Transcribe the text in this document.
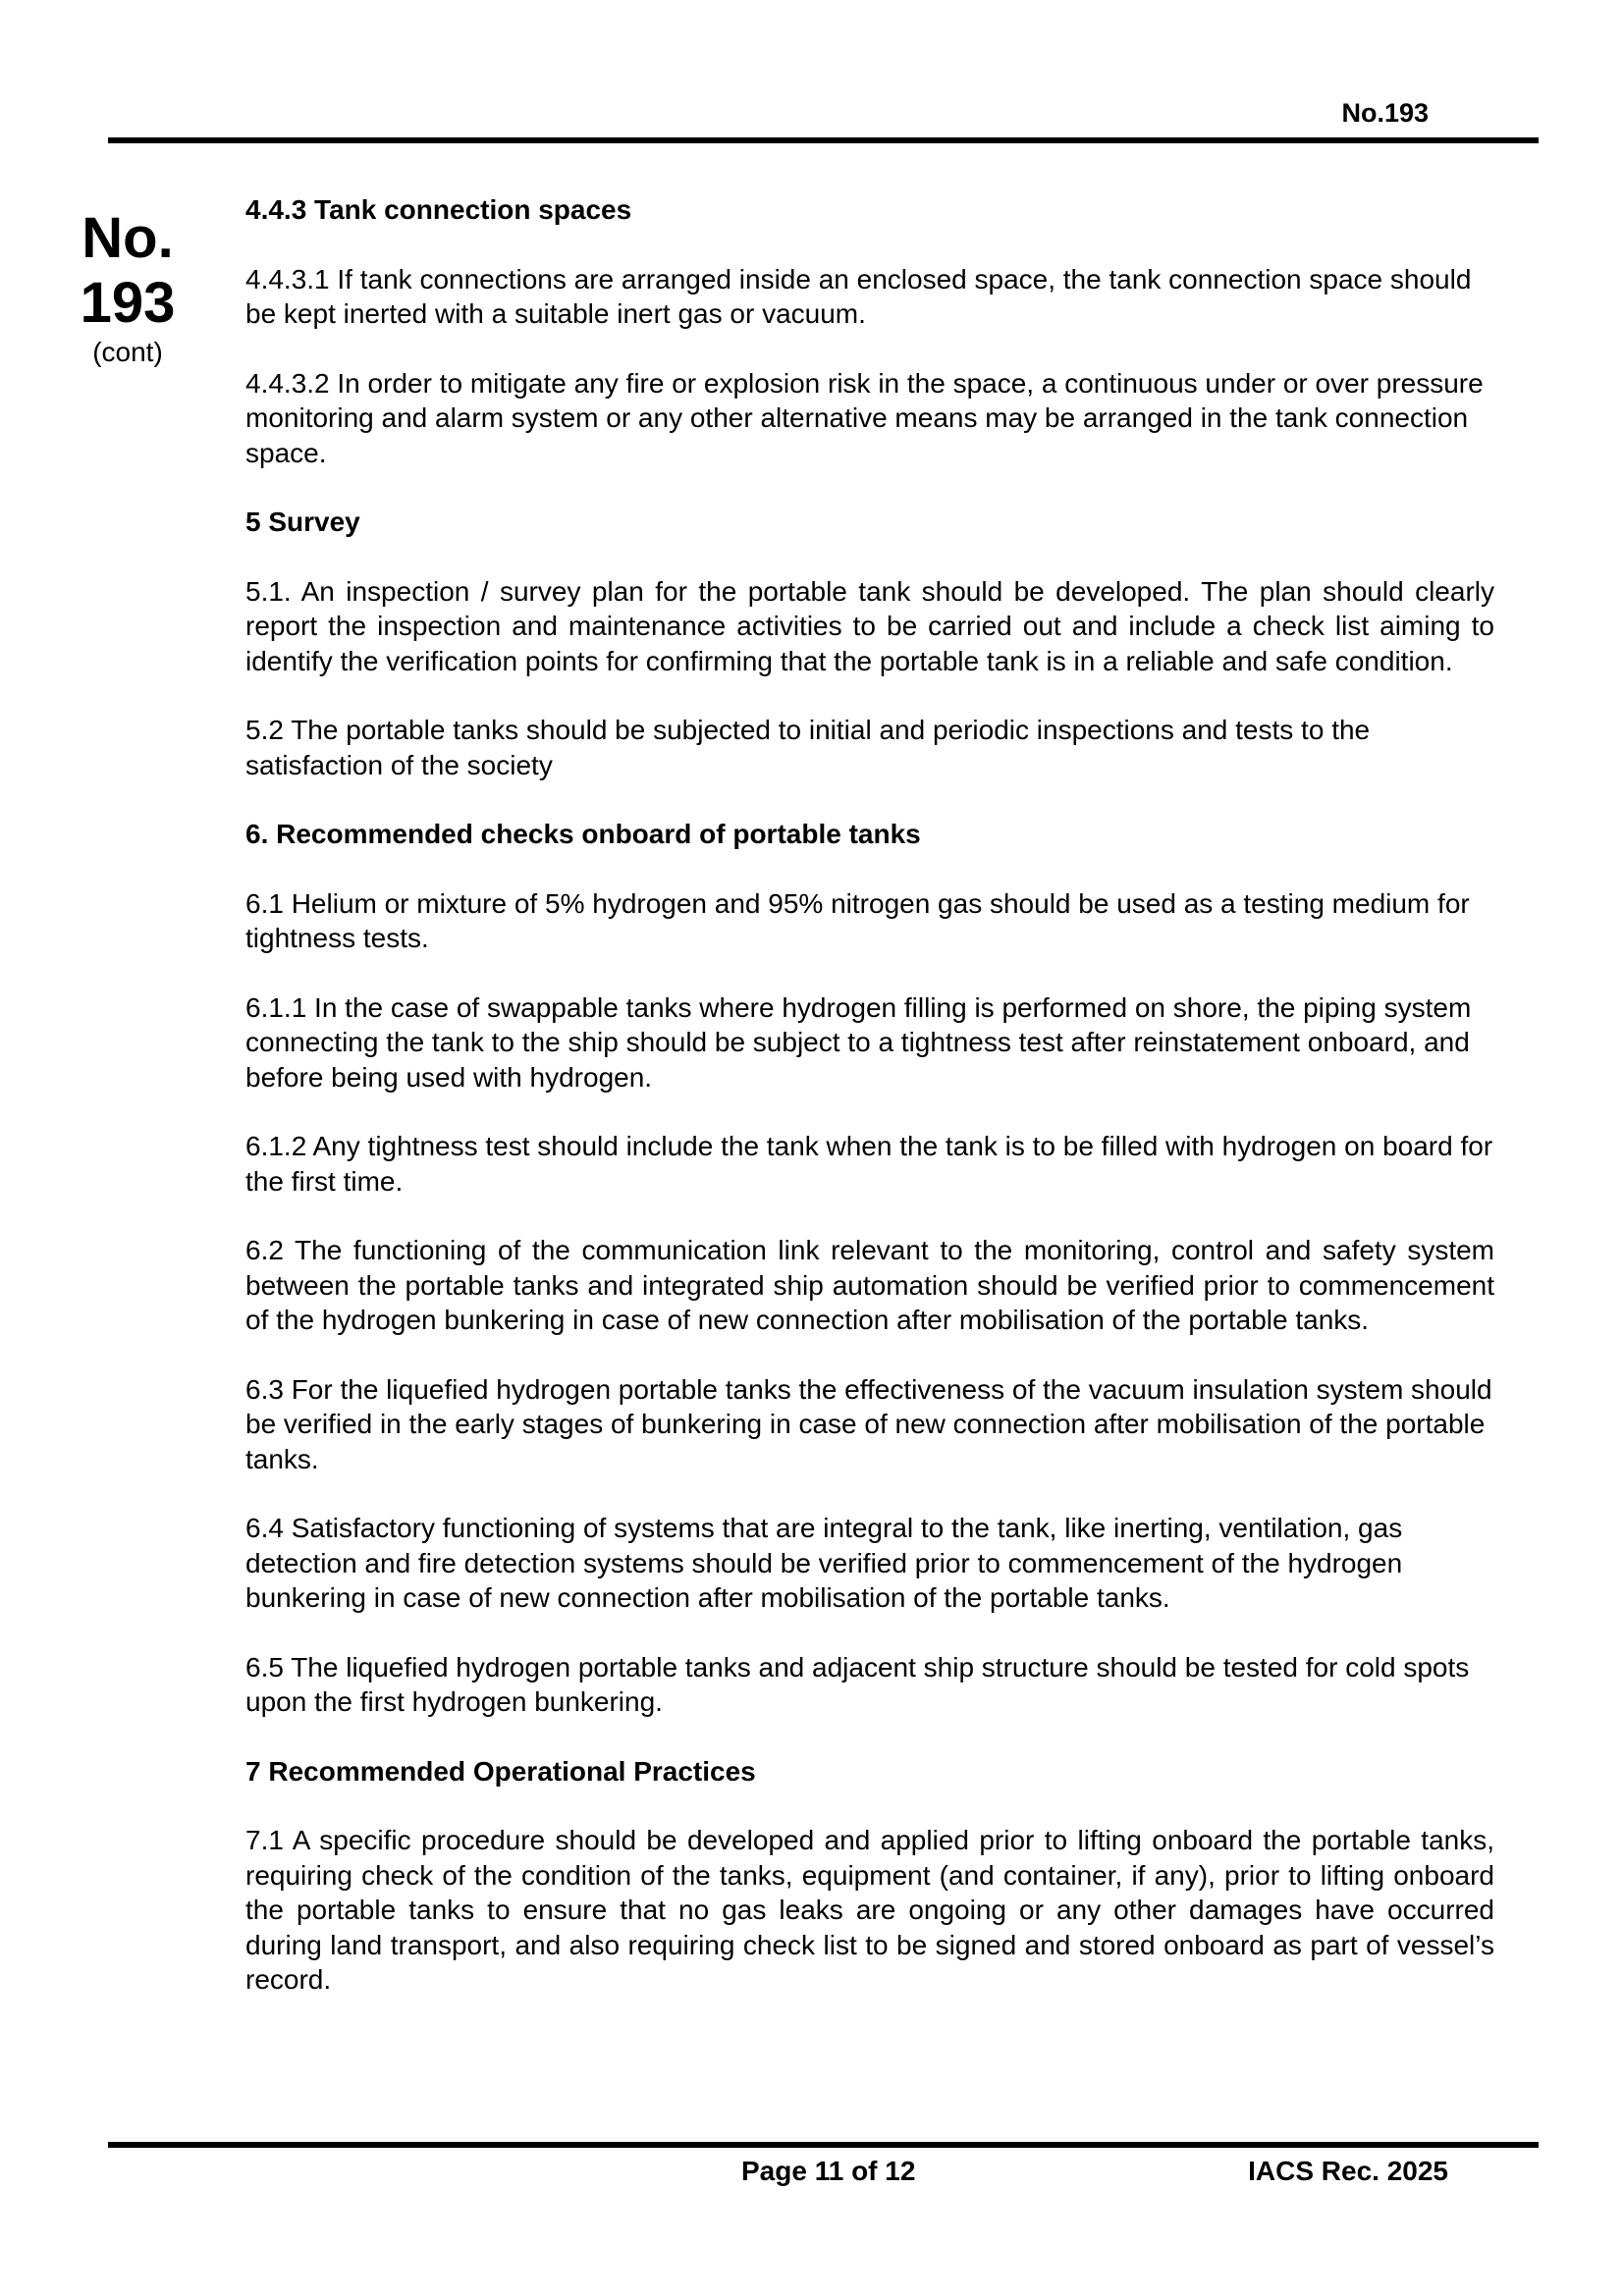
No.193
No.
193
(cont)
4.4.3 Tank connection spaces

4.4.3.1 If tank connections are arranged inside an enclosed space, the tank connection space should be kept inerted with a suitable inert gas or vacuum.

4.4.3.2 In order to mitigate any fire or explosion risk in the space, a continuous under or over pressure monitoring and alarm system or any other alternative means may be arranged in the tank connection space.

5 Survey

5.1. An inspection / survey plan for the portable tank should be developed. The plan should clearly report the inspection and maintenance activities to be carried out and include a check list aiming to identify the verification points for confirming that the portable tank is in a reliable and safe condition.

5.2 The portable tanks should be subjected to initial and periodic inspections and tests to the satisfaction of the society

6. Recommended checks onboard of portable tanks

6.1 Helium or mixture of 5% hydrogen and 95% nitrogen gas should be used as a testing medium for tightness tests.

6.1.1 In the case of swappable tanks where hydrogen filling is performed on shore, the piping system connecting the tank to the ship should be subject to a tightness test after reinstatement onboard, and before being used with hydrogen.

6.1.2 Any tightness test should include the tank when the tank is to be filled with hydrogen on board for the first time.

6.2 The functioning of the communication link relevant to the monitoring, control and safety system between the portable tanks and integrated ship automation should be verified prior to commencement of the hydrogen bunkering in case of new connection after mobilisation of the portable tanks.

6.3 For the liquefied hydrogen portable tanks the effectiveness of the vacuum insulation system should be verified in the early stages of bunkering in case of new connection after mobilisation of the portable tanks.

6.4 Satisfactory functioning of systems that are integral to the tank, like inerting, ventilation, gas detection and fire detection systems should be verified prior to commencement of the hydrogen bunkering in case of new connection after mobilisation of the portable tanks.

6.5 The liquefied hydrogen portable tanks and adjacent ship structure should be tested for cold spots upon the first hydrogen bunkering.

7 Recommended Operational Practices

7.1 A specific procedure should be developed and applied prior to lifting onboard the portable tanks, requiring check of the condition of the tanks, equipment (and container, if any), prior to lifting onboard the portable tanks to ensure that no gas leaks are ongoing or any other damages have occurred during land transport, and also requiring check list to be signed and stored onboard as part of vessel’s record.

Page 11 of 12	IACS Rec. 2025
